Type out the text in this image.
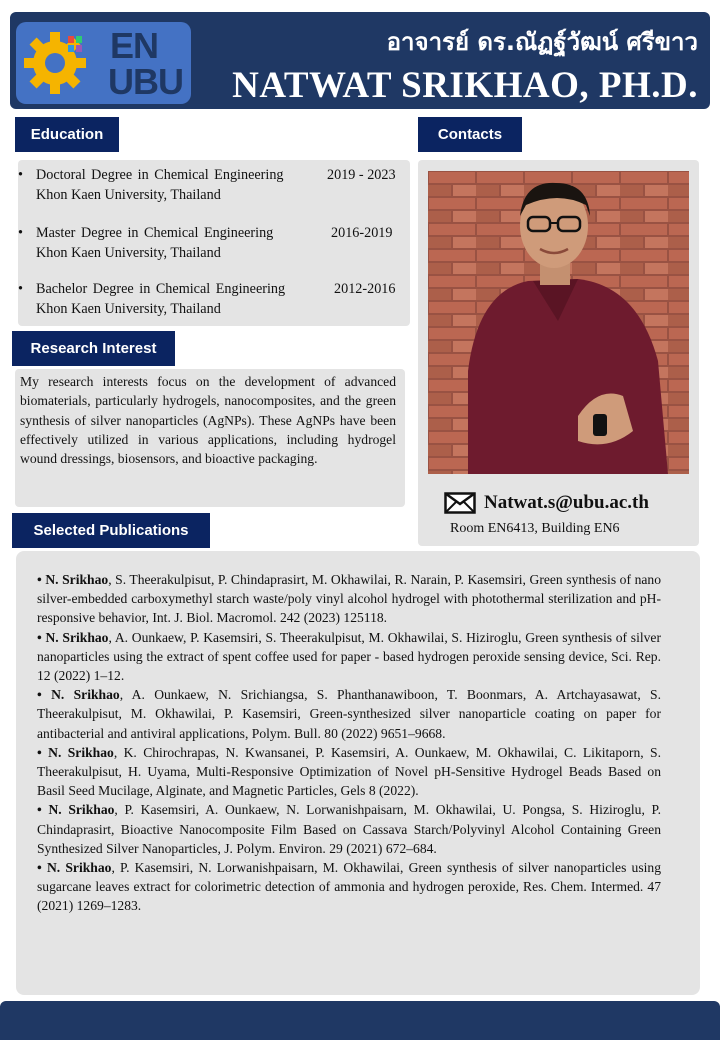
EN
UBU
อาจารย์ ดร.ณัฏฐ์วัฒน์ ศรีขาว
NATWAT SRIKHAO, PH.D.
Education
• Doctoral Degree in Chemical Engineering
Khon Kaen University, Thailand
2019 - 2023
• Master Degree in Chemical Engineering
Khon Kaen University, Thailand
2016-2019
• Bachelor Degree in Chemical Engineering
Khon Kaen University, Thailand
2012-2016
Contacts
Natwat.s@ubu.ac.th
Room EN6413, Building EN6
Research Interest
My research interests focus on the development of advanced biomaterials, particularly hydrogels, nanocomposites, and the green synthesis of silver nanoparticles (AgNPs). These AgNPs have been effectively utilized in various applications, including hydrogel wound dressings, biosensors, and bioactive packaging.
Selected Publications
• N. Srikhao, S. Theerakulpisut, P. Chindaprasirt, M. Okhawilai, R. Narain, P. Kasemsiri, Green synthesis of nano silver-embedded carboxymethyl starch waste/poly vinyl alcohol hydrogel with photothermal sterilization and pH-responsive behavior, Int. J. Biol. Macromol. 242 (2023) 125118.
• N. Srikhao, A. Ounkaew, P. Kasemsiri, S. Theerakulpisut, M. Okhawilai, S. Hiziroglu, Green synthesis of silver nanoparticles using the extract of spent coffee used for paper - based hydrogen peroxide sensing device, Sci. Rep. 12 (2022) 1–12.
• N. Srikhao, A. Ounkaew, N. Srichiangsa, S. Phanthanawiboon, T. Boonmars, A. Artchayasawat, S. Theerakulpisut, M. Okhawilai, P. Kasemsiri, Green-synthesized silver nanoparticle coating on paper for antibacterial and antiviral applications, Polym. Bull. 80 (2022) 9651–9668.
• N. Srikhao, K. Chirochrapas, N. Kwansanei, P. Kasemsiri, A. Ounkaew, M. Okhawilai, C. Likitaporn, S. Theerakulpisut, H. Uyama, Multi-Responsive Optimization of Novel pH-Sensitive Hydrogel Beads Based on Basil Seed Mucilage, Alginate, and Magnetic Particles, Gels 8 (2022).
• N. Srikhao, P. Kasemsiri, A. Ounkaew, N. Lorwanishpaisarn, M. Okhawilai, U. Pongsa, S. Hiziroglu, P. Chindaprasirt, Bioactive Nanocomposite Film Based on Cassava Starch/Polyvinyl Alcohol Containing Green Synthesized Silver Nanoparticles, J. Polym. Environ. 29 (2021) 672–684.
• N. Srikhao, P. Kasemsiri, N. Lorwanishpaisarn, M. Okhawilai, Green synthesis of silver nanoparticles using sugarcane leaves extract for colorimetric detection of ammonia and hydrogen peroxide, Res. Chem. Intermed. 47 (2021) 1269–1283.
